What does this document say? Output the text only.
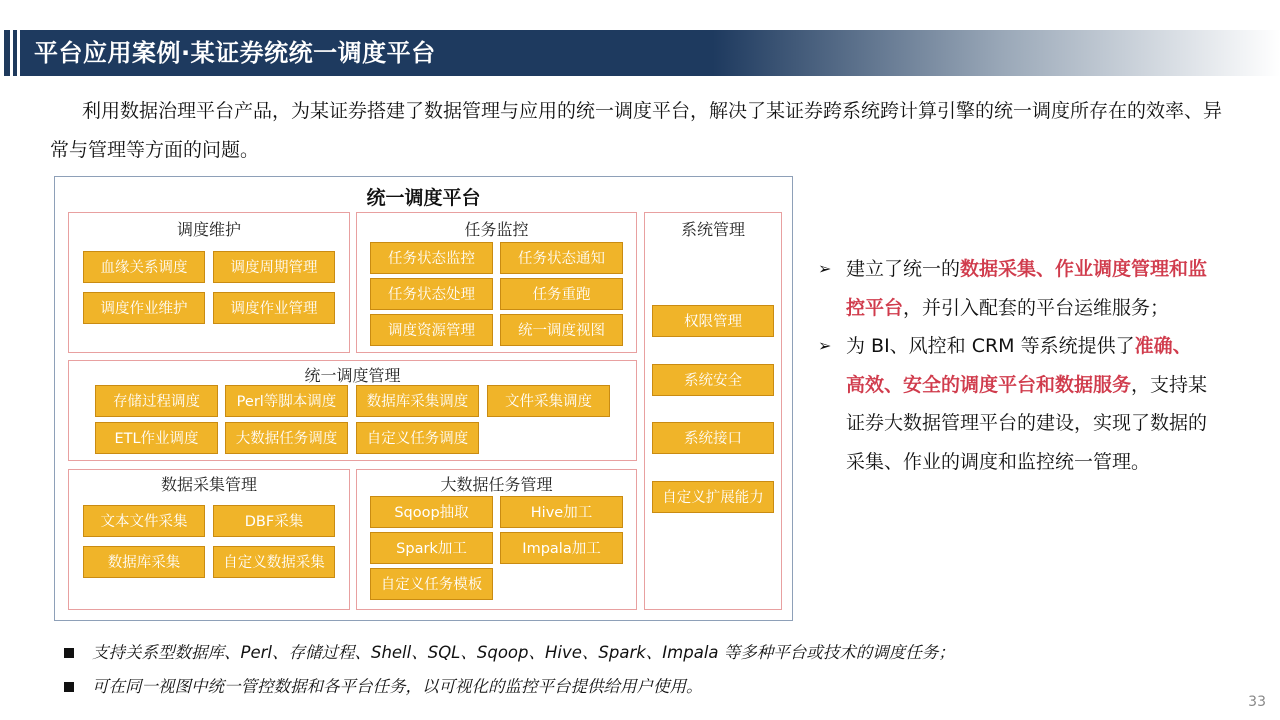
平台应用案例·某证券统统一调度平台
利用数据治理平台产品，为某证券搭建了数据管理与应用的统一调度平台，解决了某证券跨系统跨计算引擎的统一调度所存在的效率、异常与管理等方面的问题。
统一调度平台
调度维护
血缘关系调度	调度周期管理
调度作业维护	调度作业管理
任务监控
任务状态监控	任务状态通知
任务状态处理	任务重跑
调度资源管理	统一调度视图
系统管理
权限管理
系统安全
系统接口
自定义扩展能力
统一调度管理
存储过程调度	Perl等脚本调度	数据库采集调度	文件采集调度
ETL作业调度	大数据任务调度	自定义任务调度
数据采集管理
文本文件采集	DBF采集
数据库采集	自定义数据采集
大数据任务管理
Sqoop抽取	Hive加工
Spark加工	Impala加工
自定义任务模板
➢ 建立了统一的数据采集、作业调度管理和监控平台，并引入配套的平台运维服务；
➢ 为 BI、风控和 CRM 等系统提供了准确、高效、安全的调度平台和数据服务，支持某证券大数据管理平台的建设，实现了数据的采集、作业的调度和监控统一管理。
支持关系型数据库、Perl、存储过程、Shell、SQL、Sqoop、Hive、Spark、Impala 等多种平台或技术的调度任务；
可在同一视图中统一管控数据和各平台任务，以可视化的监控平台提供给用户使用。
33
